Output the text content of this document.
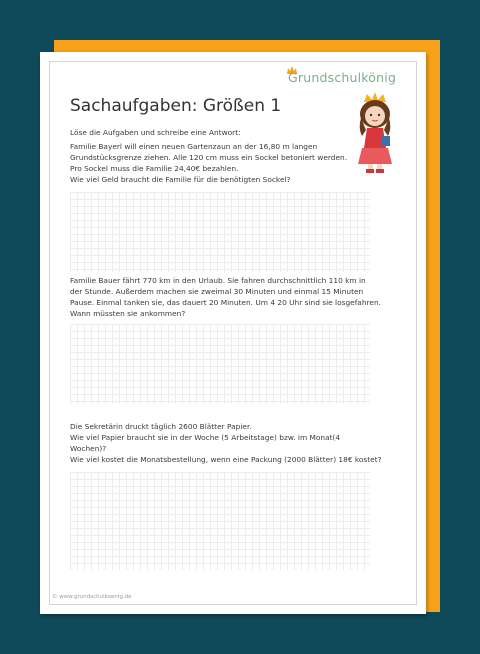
Grundschulkönig
Sachaufgaben: Größen 1
Löse die Aufgaben und schreibe eine Antwort:

Familie Bayerl will einen neuen Gartenzaun an der 16,80 m langen

Grundstücksgrenze ziehen. Alle 120 cm muss ein Sockel betoniert werden.

Pro Sockel muss die Familie 24,40€ bezahlen.

Wie viel Geld braucht die Familie für die benötigten Sockel?

Familie Bauer fährt 770 km in den Urlaub. Sie fahren durchschnittlich 110 km in

der Stunde. Außerdem machen sie zweimal 30 Minuten und einmal 15 Minuten

Pause. Einmal tanken sie, das dauert 20 Minuten. Um 4 20 Uhr sind sie losgefahren.

Wann müssten sie ankommen?

Die Sekretärin druckt täglich 2600 Blätter Papier.

Wie viel Papier braucht sie in der Woche (5 Arbeitstage) bzw. im Monat(4

Wochen)?

Wie viel kostet die Monatsbestellung, wenn eine Packung (2000 Blätter) 18€ kostet?

© www.grundschulkoenig.de
